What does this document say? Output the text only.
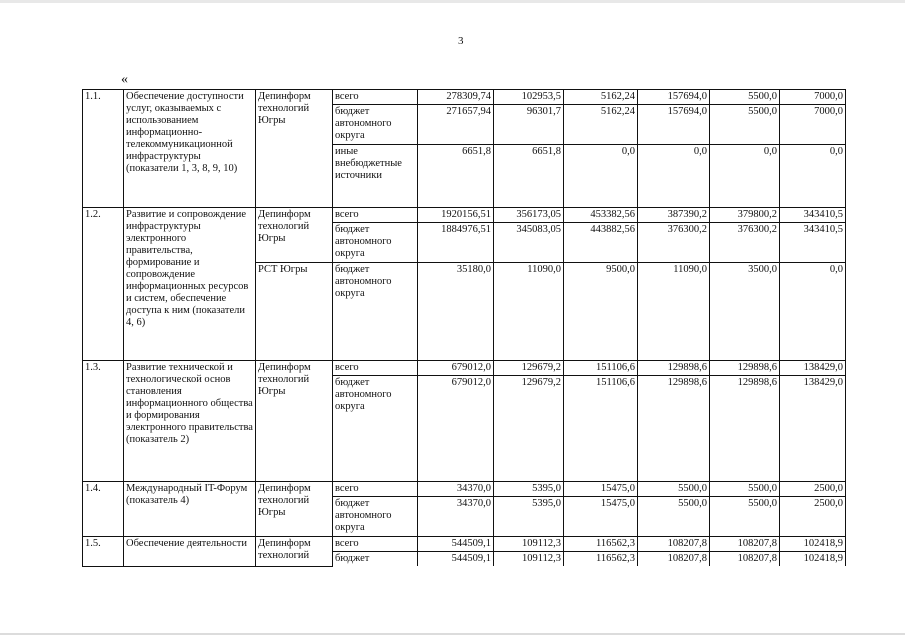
3
«
1.1.	Обеспечение доступности услуг, оказываемых с использованием информационно-телекоммуникационной инфраструктуры (показатели 1, 3, 8, 9, 10)	Депинформ технологий Югры	всего	278309,74	102953,5	5162,24	157694,0	5500,0	7000,0
			бюджет автономного округа	271657,94	96301,7	5162,24	157694,0	5500,0	7000,0
			иные внебюджетные источники	6651,8	6651,8	0,0	0,0	0,0	0,0
1.2.	Развитие и сопровождение инфраструктуры электронного правительства, формирование и сопровождение информационных ресурсов и систем, обеспечение доступа к ним (показатели 4, 6)	Депинформ технологий Югры	всего	1920156,51	356173,05	453382,56	387390,2	379800,2	343410,5
			бюджет автономного округа	1884976,51	345083,05	443882,56	376300,2	376300,2	343410,5
		РСТ Югры	бюджет автономного округа	35180,0	11090,0	9500,0	11090,0	3500,0	0,0
1.3.	Развитие технической и технологической основ становления информационного общества и формирования электронного правительства (показатель 2)	Депинформ технологий Югры	всего	679012,0	129679,2	151106,6	129898,6	129898,6	138429,0
			бюджет автономного округа	679012,0	129679,2	151106,6	129898,6	129898,6	138429,0
1.4.	Международный IT-Форум (показатель 4)	Депинформ технологий Югры	всего	34370,0	5395,0	15475,0	5500,0	5500,0	2500,0
			бюджет автономного округа	34370,0	5395,0	15475,0	5500,0	5500,0	2500,0
1.5.	Обеспечение деятельности	Депинформ технологий	всего	544509,1	109112,3	116562,3	108207,8	108207,8	102418,9
			бюджет	544509,1	109112,3	116562,3	108207,8	108207,8	102418,9
